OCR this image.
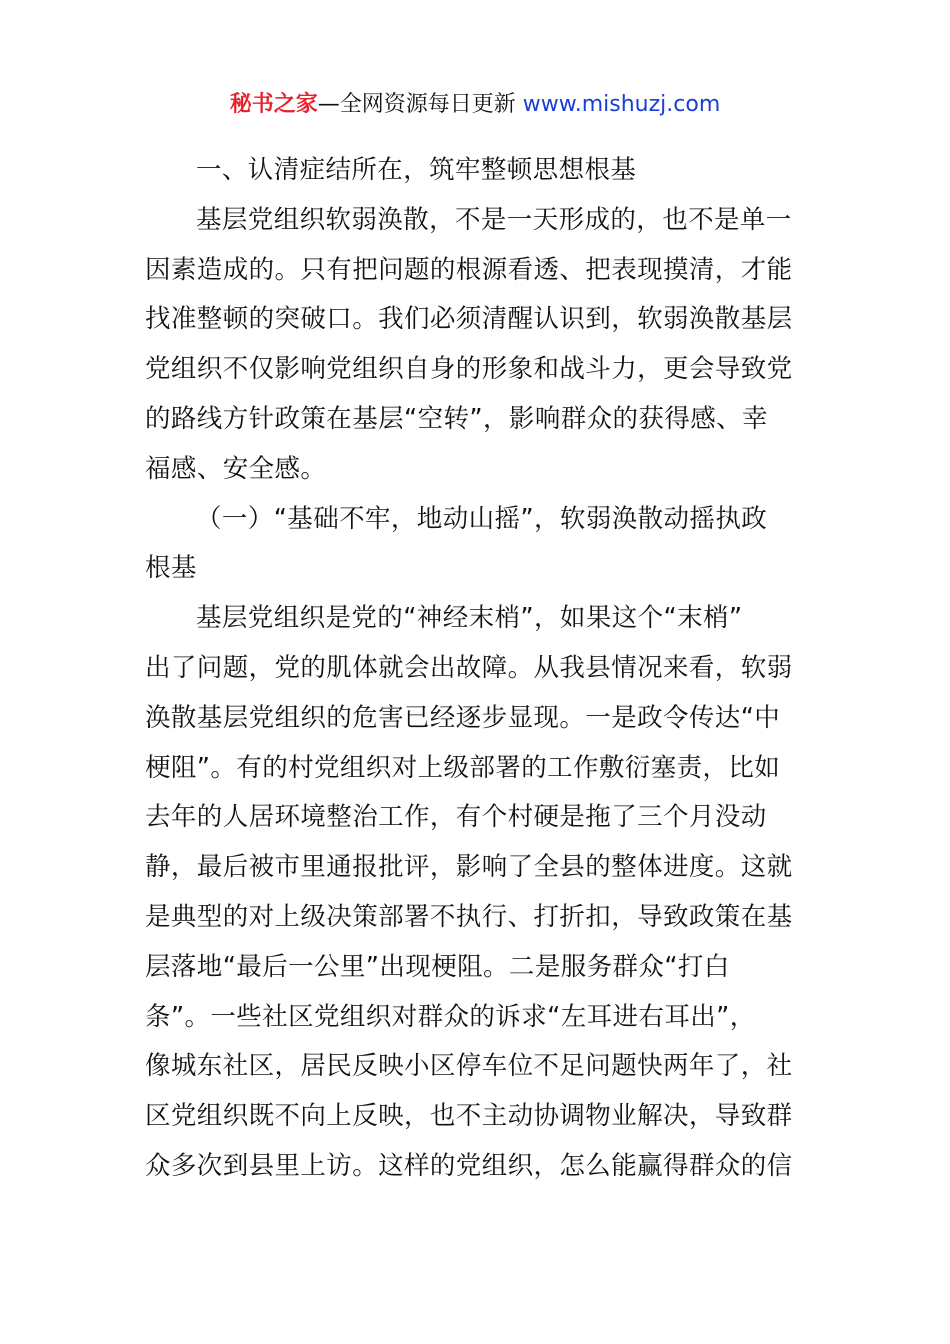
秘书之家—全网资源每日更新 www.mishuzj.com
一、认清症结所在，筑牢整顿思想根基
基层党组织软弱涣散，不是一天形成的，也不是单一
因素造成的。只有把问题的根源看透、把表现摸清，才能
找准整顿的突破口。我们必须清醒认识到，软弱涣散基层
党组织不仅影响党组织自身的形象和战斗力，更会导致党
的路线方针政策在基层“空转”，影响群众的获得感、幸
福感、安全感。
（一）“基础不牢，地动山摇”，软弱涣散动摇执政
根基
基层党组织是党的“神经末梢”，如果这个“末梢”
出了问题，党的肌体就会出故障。从我县情况来看，软弱
涣散基层党组织的危害已经逐步显现。一是政令传达“中
梗阻”。有的村党组织对上级部署的工作敷衍塞责，比如
去年的人居环境整治工作，有个村硬是拖了三个月没动
静，最后被市里通报批评，影响了全县的整体进度。这就
是典型的对上级决策部署不执行、打折扣，导致政策在基
层落地“最后一公里”出现梗阻。二是服务群众“打白
条”。一些社区党组织对群众的诉求“左耳进右耳出”，
像城东社区，居民反映小区停车位不足问题快两年了，社
区党组织既不向上反映，也不主动协调物业解决，导致群
众多次到县里上访。这样的党组织，怎么能赢得群众的信
